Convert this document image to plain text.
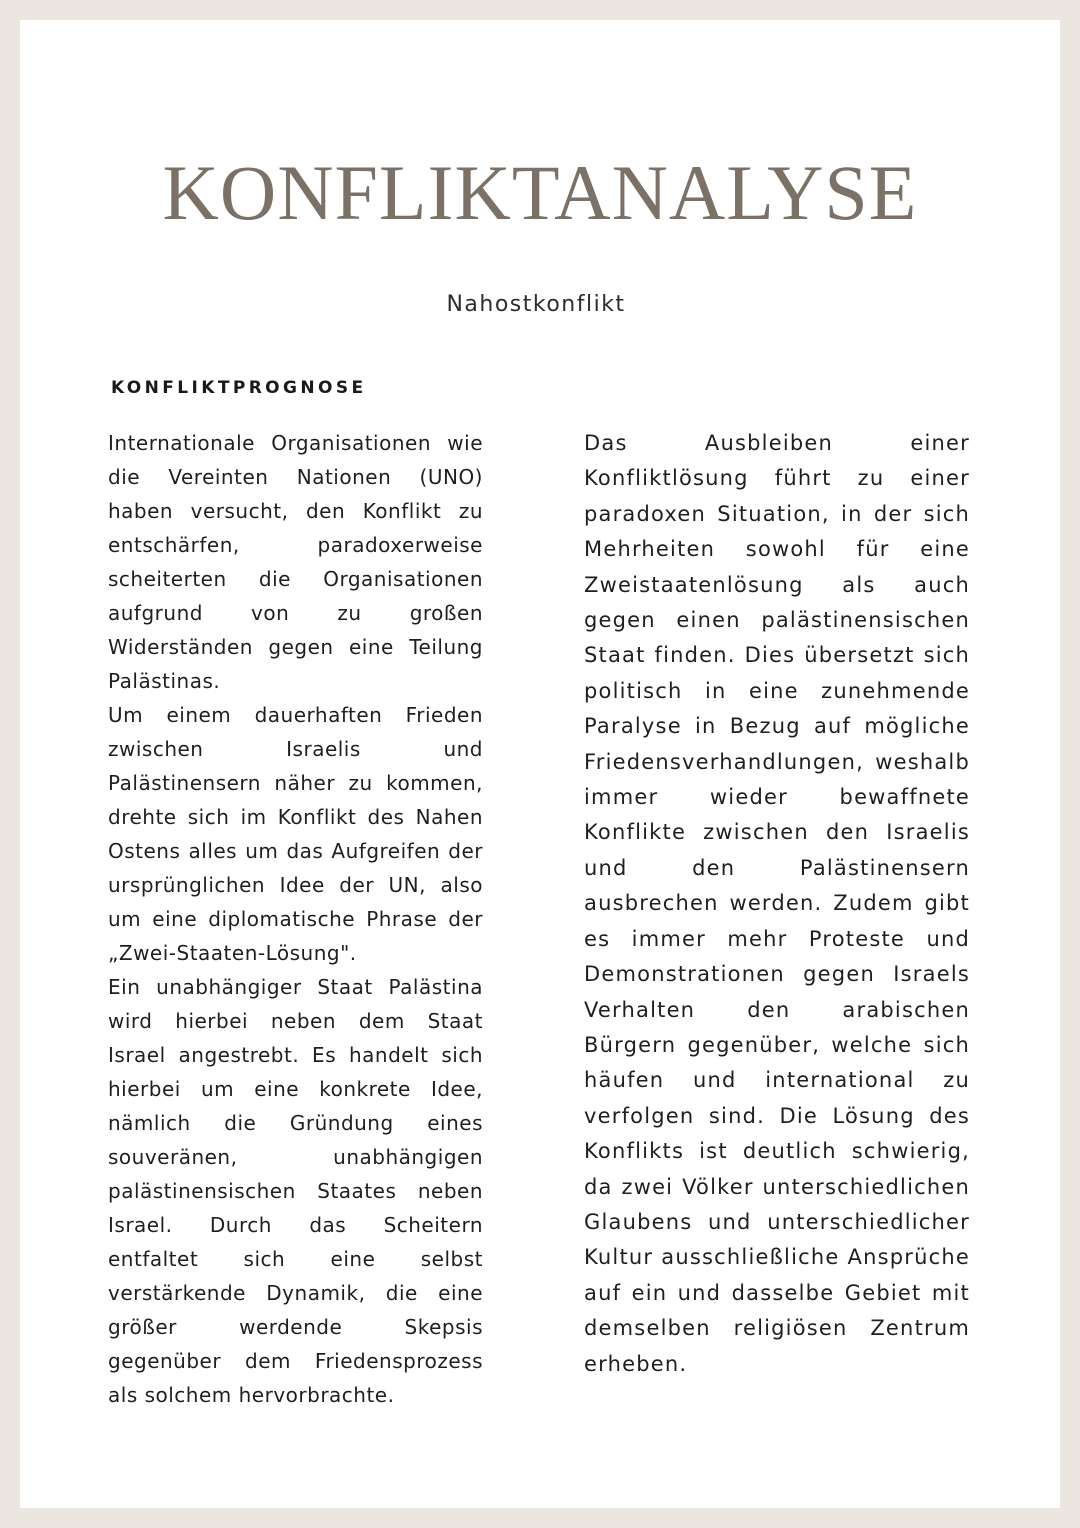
KONFLIKTANALYSE
Nahostkonflikt
KONFLIKTPROGNOSE

Internationale Organisationen wie die Vereinten Nationen (UNO) haben versucht, den Konflikt zu entschärfen, paradoxerweise scheiterten die Organisationen aufgrund von zu großen Widerständen gegen eine Teilung Palästinas.

Um einem dauerhaften Frieden zwischen Israelis und Palästinensern näher zu kommen, drehte sich im Konflikt des Nahen Ostens alles um das Aufgreifen der ursprünglichen Idee der UN, also um eine diplomatische Phrase der „Zwei-Staaten-Lösung".

Ein unabhängiger Staat Palästina wird hierbei neben dem Staat Israel angestrebt. Es handelt sich hierbei um eine konkrete Idee, nämlich die Gründung eines souveränen, unabhängigen palästinensischen Staates neben Israel. Durch das Scheitern entfaltet sich eine selbst verstärkende Dynamik, die eine größer werdende Skepsis gegenüber dem Friedensprozess als solchem hervorbrachte.

Das Ausbleiben einer Konfliktlösung führt zu einer paradoxen Situation, in der sich Mehrheiten sowohl für eine Zweistaatenlösung als auch gegen einen palästinensischen Staat finden. Dies übersetzt sich politisch in eine zunehmende Paralyse in Bezug auf mögliche Friedensverhandlungen, weshalb immer wieder bewaffnete Konflikte zwischen den Israelis und den Palästinensern ausbrechen werden. Zudem gibt es immer mehr Proteste und Demonstrationen gegen Israels Verhalten den arabischen Bürgern gegenüber, welche sich häufen und international zu verfolgen sind. Die Lösung des Konflikts ist deutlich schwierig, da zwei Völker unterschiedlichen Glaubens und unterschiedlicher Kultur ausschließliche Ansprüche auf ein und dasselbe Gebiet mit demselben religiösen Zentrum erheben.
